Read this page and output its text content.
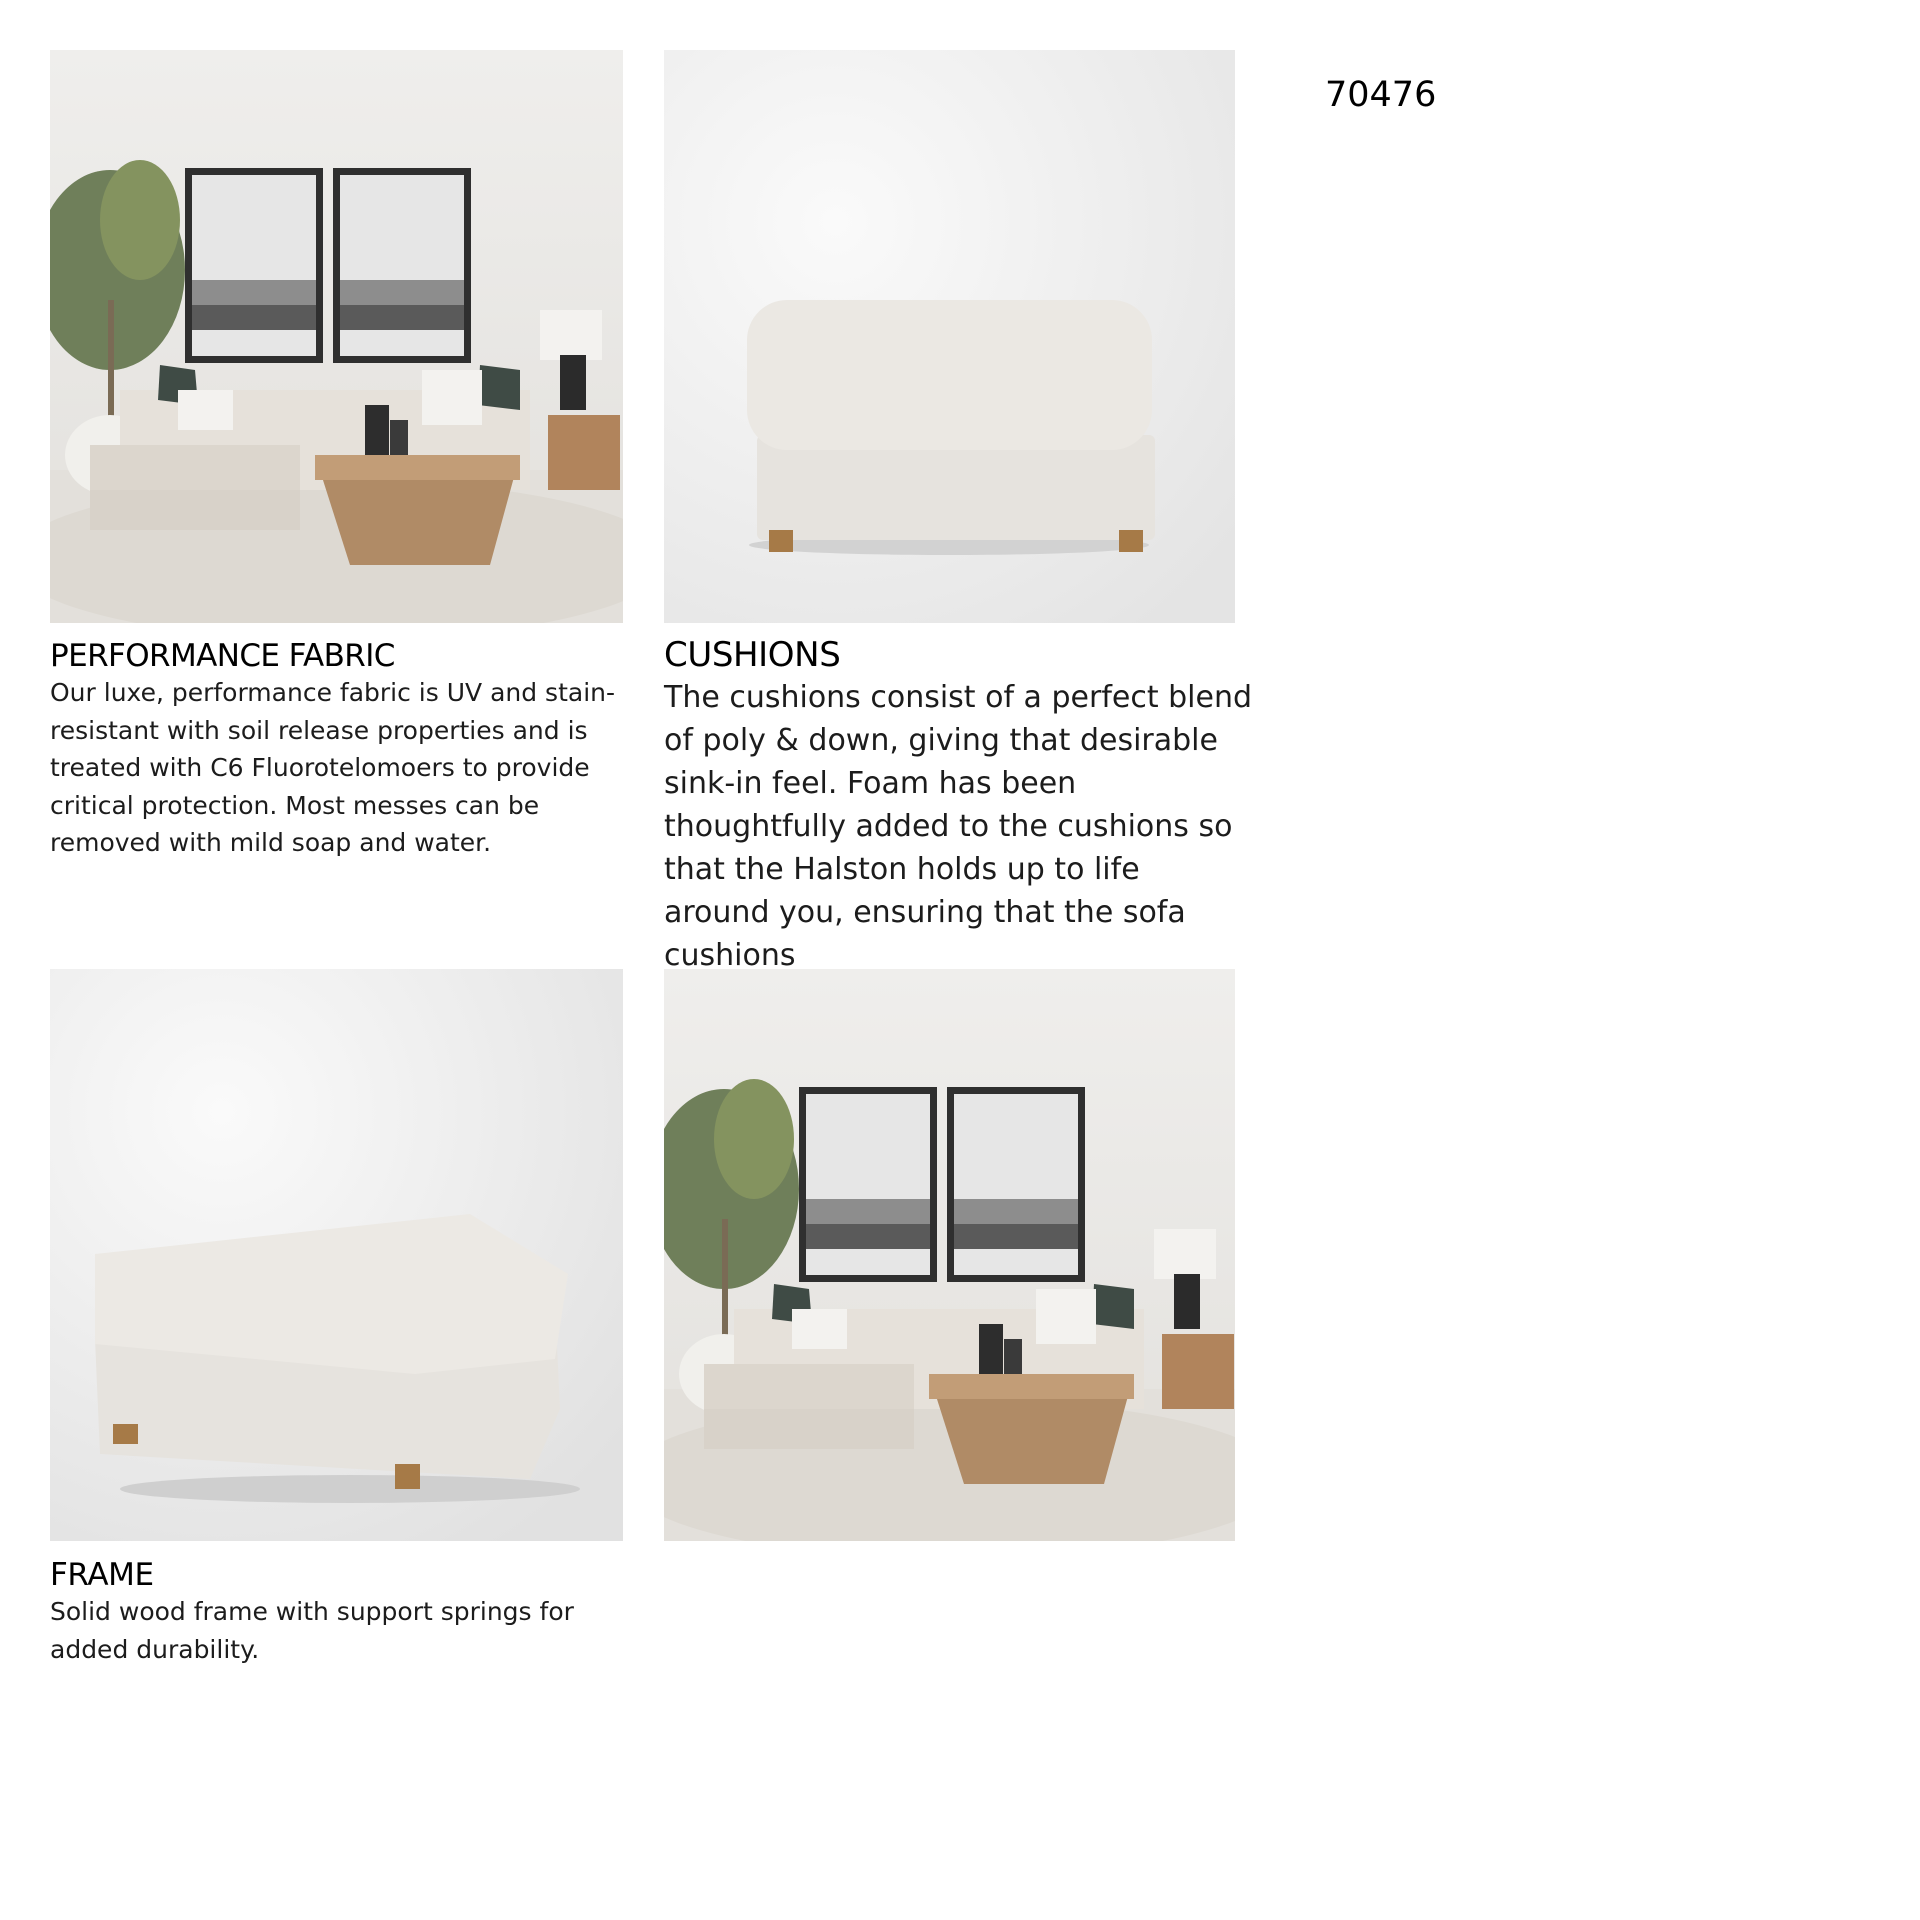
70476
PERFORMANCE FABRIC

Our luxe, performance fabric is UV and stain-resistant with soil release properties and is treated with C6 Fluorotelomoers to provide critical protection. Most messes can be removed with mild soap and water.

CUSHIONS

The cushions consist of a perfect blend of poly & down, giving that desirable sink-in feel. Foam has been thoughtfully added to the cushions so that the Halston holds up to life around you, ensuring that the sofa cushions

FRAME

Solid wood frame with support springs for added durability.
